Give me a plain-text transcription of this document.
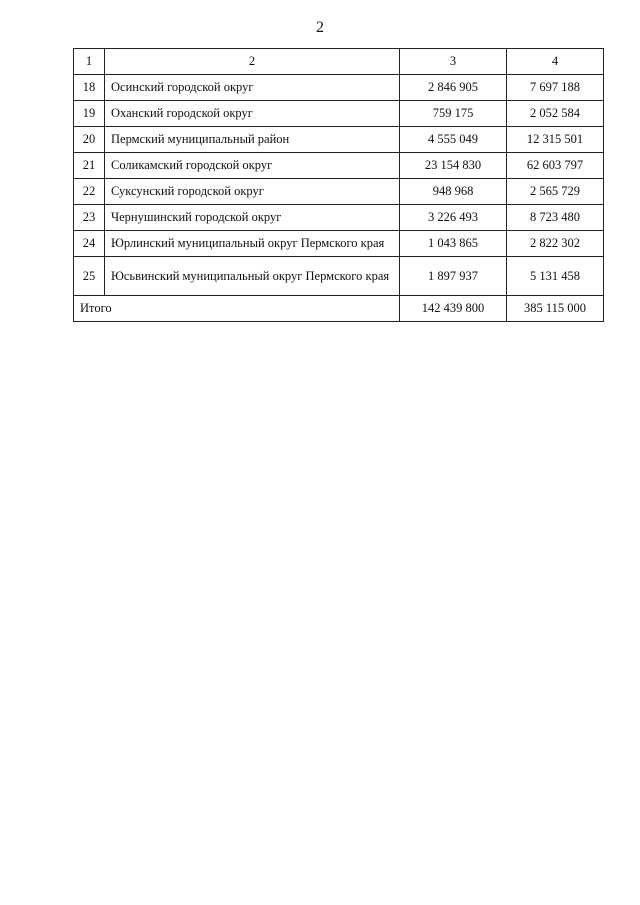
2
1	2	3	4
18	Осинский городской округ	2 846 905	7 697 188
19	Оханский городской округ	759 175	2 052 584
20	Пермский муниципальный район	4 555 049	12 315 501
21	Соликамский городской округ	23 154 830	62 603 797
22	Суксунский городской округ	948 968	2 565 729
23	Чернушинский городской округ	3 226 493	8 723 480
24	Юрлинский муниципальный округ Пермского края	1 043 865	2 822 302
25	Юсьвинский муниципальный округ Пермского края	1 897 937	5 131 458
Итого		142 439 800	385 115 000
